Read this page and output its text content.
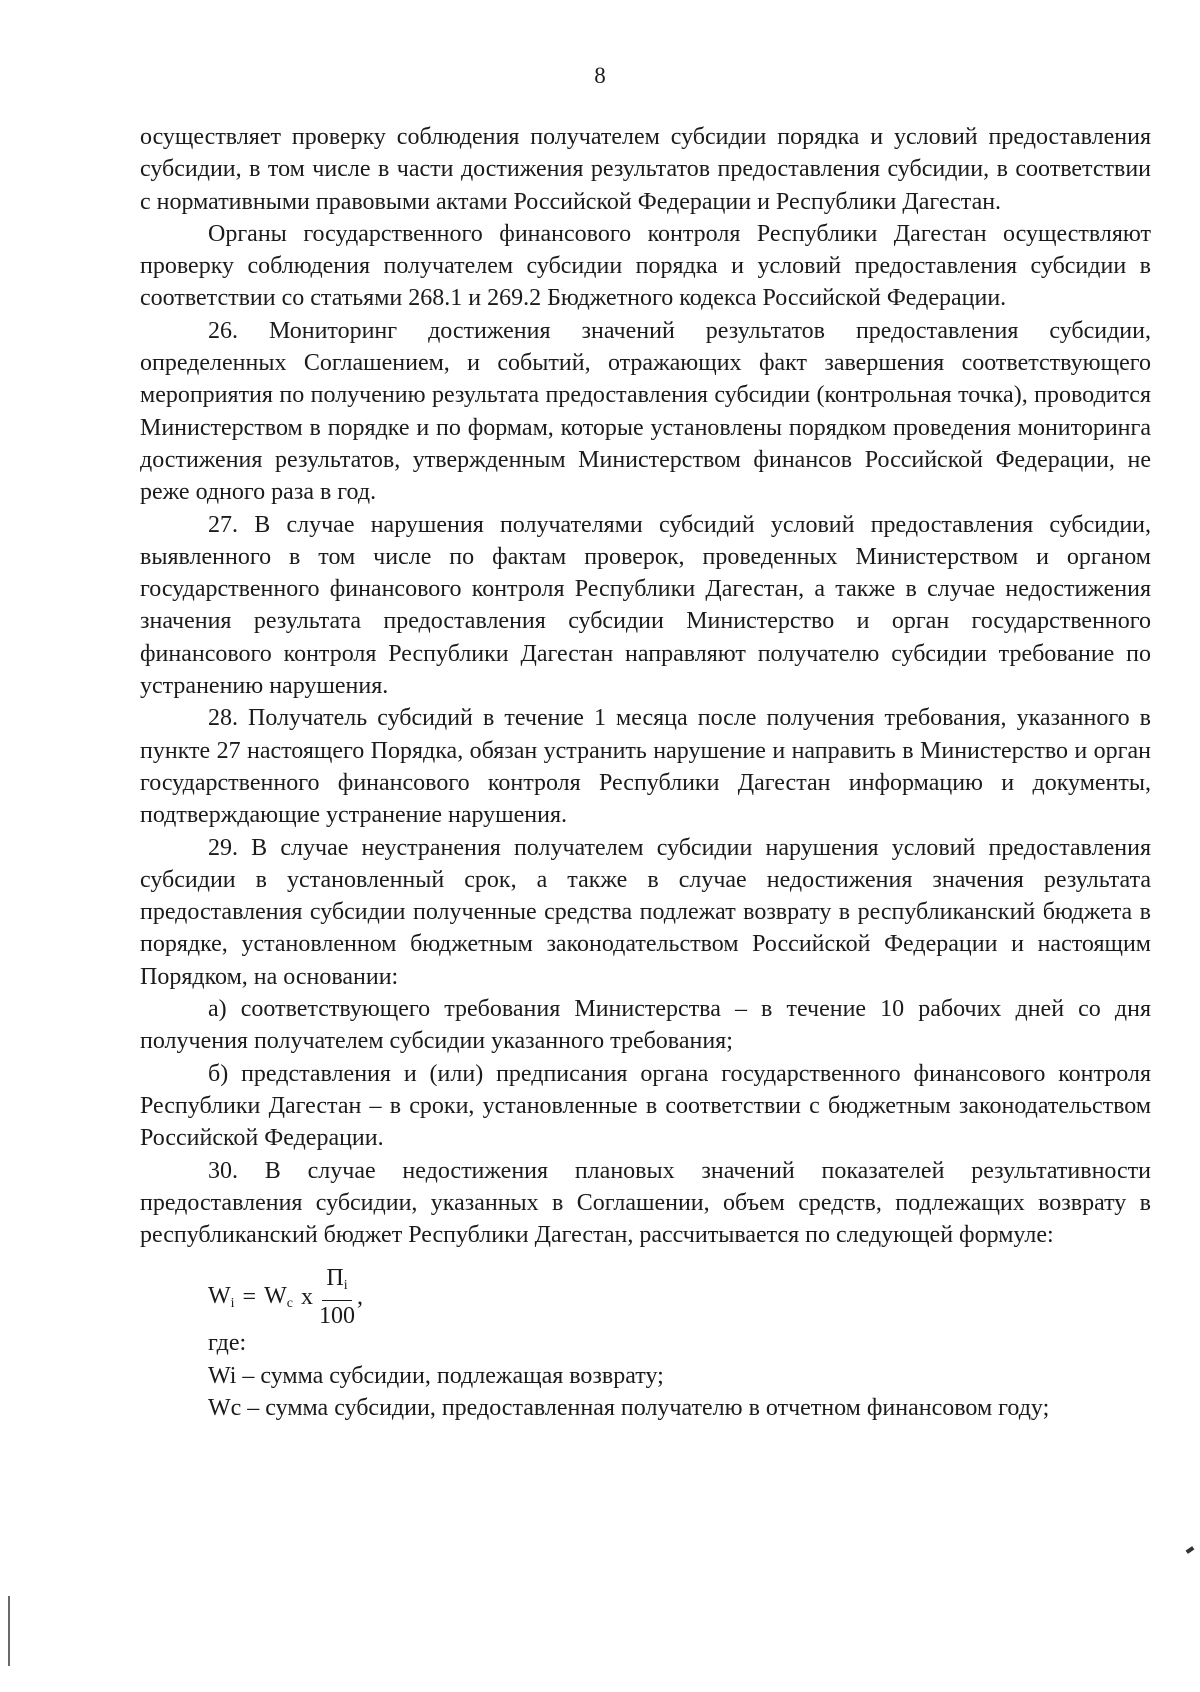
8

осуществляет проверку соблюдения получателем субсидии порядка и условий предоставления субсидии, в том числе в части достижения результатов предоставления субсидии, в соответствии с нормативными правовыми актами Российской Федерации и Республики Дагестан.

Органы государственного финансового контроля Республики Дагестан осуществляют проверку соблюдения получателем субсидии порядка и условий предоставления субсидии в соответствии со статьями 268.1 и 269.2 Бюджетного кодекса Российской Федерации.

26. Мониторинг достижения значений результатов предоставления субсидии, определенных Соглашением, и событий, отражающих факт завершения соответствующего мероприятия по получению результата предоставления субсидии (контрольная точка), проводится Министерством в порядке и по формам, которые установлены порядком проведения мониторинга достижения результатов, утвержденным Министерством финансов Российской Федерации, не реже одного раза в год.

27. В случае нарушения получателями субсидий условий предоставления субсидии, выявленного в том числе по фактам проверок, проведенных Министерством и органом государственного финансового контроля Республики Дагестан, а также в случае недостижения значения результата предоставления субсидии Министерство и орган государственного финансового контроля Республики Дагестан направляют получателю субсидии требование по устранению нарушения.

28. Получатель субсидий в течение 1 месяца после получения требования, указанного в пункте 27 настоящего Порядка, обязан устранить нарушение и направить в Министерство и орган государственного финансового контроля Республики Дагестан информацию и документы, подтверждающие устранение нарушения.

29. В случае неустранения получателем субсидии нарушения условий предоставления субсидии в установленный срок, а также в случае недостижения значения результата предоставления субсидии полученные средства подлежат возврату в республиканский бюджета в порядке, установленном бюджетным законодательством Российской Федерации и настоящим Порядком, на основании:

а) соответствующего требования Министерства – в течение 10 рабочих дней со дня получения получателем субсидии указанного требования;

б) представления и (или) предписания органа государственного финансового контроля Республики Дагестан – в сроки, установленные в соответствии с бюджетным законодательством Российской Федерации.

30. В случае недостижения плановых значений показателей результативности предоставления субсидии, указанных в Соглашении, объем средств, подлежащих возврату в республиканский бюджет Республики Дагестан, рассчитывается по следующей формуле:

$W_i = W_c$ x $\frac{П_i}{100}$ ,

где:

Wi – сумма субсидии, подлежащая возврату;

Wc – сумма субсидии, предоставленная получателю в отчетном финансовом году;
